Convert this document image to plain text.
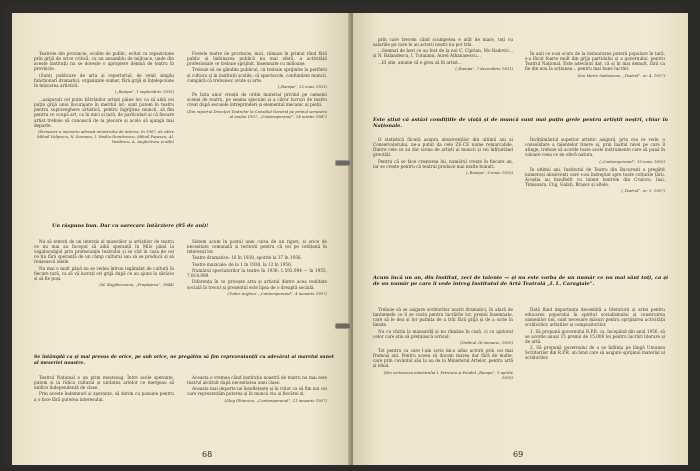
Teatrele din provincie, ocolite de public, evitat cu repeziciune prin grijă de orice critică, cu un ansamblu de mijloace, unde din aceste instituții nu se dorește o apropiere demnă de teatru în provincie.

(Sunt) publicare de arta și repertoriul, de venit simplu funcționari dramatici, organizate sumar, fără grijă și înțelepciune în mișcarea artistică.

(„Rampa”, 1 septembrie 1935)

...asigurați cel puțin bătrânilor artiști pâine lor, ca să aibă cei puțin grijă unui încurajare în meritul lor; sunt putem în teatru pentru supraveghere artistică, pentru îngrijirea muncii, să fim pentru ce ocupă art, ca în mici și țară, de particulari și că fiecare artist trebuie să cunoască de la plecare și acolo să ajungă mai departe.

(Scrisoare a memoriu adresat ministrului de interne, în 1907, de către Mihail Vulpescu, N. Soreanu, I. Vasiliu-Dumitrescu, Mihail Popescu, Al. Vasilescu, A. Anghelescu și alții)

Fostele teatre de provincie, mici, rămase în primul rând fără public și îmbinarea publică nu mai oferă, a activității profesionale ce trebuie sprijinit, însemnate cu milioane.

Trebuie să ne gândim publicul, că trebuie sprijinite la periferii și cultura și în instituții școlile, că spectacole, confundate muncii, cumpără că trebuiesc avute și arte.

(„Rampa”, 12 iunie 1931)

Pe lista unor creații de ordin material privind pe oamenii scenei de teatru, pe seama speculei și a căror lucruri de teatru creat după secuiele întreprinderi și elementul mecanic al pieții.

(Din raportul Direcției Teatrelor la Consiliul General pe primul semestru al anului 1937, „Contemporanul”, 14 martie 1947)
Un răspuns bun. Dar cu oarecare întârziere (95 de ani)!

Nu să tenteți de un interzis al mizeriilor și artiștilor de teatru ce nu mai au început să aibă speranță în Milo până la vagabondajul prin profesiunile teatrului și se văd în casa de cel ce țin fără speranță de un câmp cultural sau să se producă și să reușească ideile.

Nu mai e mult până nu se vedea întrun legământ de cultură în fiecare țară, ca să vă lucrați ori grijă după ce au ajuns la sărăcie și să fie puși.

(M. Kogălniceanu, „Propășirea”, 1844)

Sistem acum în postul unei cuiva de un rigori, și orice de necesitate comunală și teritorii pentru că cei pe cetățenii în interesul lor.

Teatre dramatice: 16 în 1938, sporite la 37 în 1956.

Teatre muzicale: de la 1 în 1938, la 12 în 1956.

Numărul spectatorilor la teatre în 1938: 1.592.904 — în 1955, 7.814.089.

Diferența în ce privește arta și artistul dintre acea realitate socială în trecut și prezentul este lipsa de o dreaptă socială.

(Tudor Arghezi, „Contemporanul”, 4 ianuarie 1957)
Se întâmplă ca și mai presus de orice, pe sub orice, ne pregătim să fim reprezentanții cu adevărat ai marelui sunet al meseriei noastre.

Teatrul Național e un prim meșteșug. Între acele speranțe, putem și la ridica cultural și unitatea artelor ce mergeau să unifice independență de clase.

Prin aceste îndemnuri și speranțe, să dorim cu pasiune pentru a o face fără puterea interesului.

Aceasta e vremea când instituția noastră de teatru nu mai este teatrul alcătuit după necesitatea unei clase.

Aceasta mai departe ne însuflețește și în viitor ca să fim noi cei care reprezentăm puterea și în muncă viu ai fiecărei zi.

(Oleg Ghinescu, „Contemporanul”, 11 ianuarie 1957)
68

prin care trecem când scumpetea e atât de mare, toți cu salariile pe care le au actorii noștri nu pot trăi.

...Semnat de heri ce au fost de la noi C. Ciprian, Mo Radovic... și N. Balandescu, I. Tutuianu, Aurel Athanasescu...

...El știe, anume că e greu să fii artist...

(„Rampa”, 7 decembrie 1931)

În anii ce s-au scurs de la instaurarea puterii populare în țară, s-a făcut foarte mult din grija partidului și a guvernului, pentru Teatrul Național. Este adevărat dar, că și în mai demult, fără ca fie din nou la acțiunea... pentru mai bune lucrări.

(Ion Marin Sadoveanu, „Teatrul”, nr. 4, 1957)
Este știut că astăzi condițiile de viață și de muncă sunt mai puțin grele pentru artiștii noștri, chiar în Naționale.

O statistică făcută asupra absolvenților din ultimii ani ai Conservatorului, ne-a putut da cele ZE-CE nume remarcabile. Dintre cele ce au dat scena de artiști ai muncii și cei înfruntând greutăți.

Pentru că se face creșterea lui, numărul crește în fiecare an, iar se crește pentru că teatrul produce mai multe bunuri.

(„Rampa”, 6 iunie 1935)

Învățământul superior artistic asigură, prin cea ce vede, o consolidare a talentelor tinere și, prin înaltul nivel pe care îl atinge, trebuie să acorde toate acele instrumente care să pună în valoare ceea ce ne oferă natura.

(„Contemporanul”, 10 iunie 1955)

În ultimii ani, Institutul de Teatru din București a pregătit numeroși absolvenți care s-au îndreptat spre toate colțurile țării. Aceștia au însuflețit cu talent teatrele din Craiova, Iași, Timișoara, Cluj, Galați, Brașov și altele.

(„Teatrul”, nr. 5, 1957)
Acum încă un an, din Institut, zeci de talente — și nu este vorba de un număr ce nu mai sânt toți, ca și de un număr pe care îi vede întreg Institutul de Artă Teatrală „I. L. Caragiale”.

Trebuie să se asigure scriitorilor noștri dramatici, în afară de tantiemele ce li se cuvin pentru lucrările lor, premii însemnate, care să le dea și lor putința de a trăi fără grijă și de a scrie în liniște.

Nu cu chiria la mansardă și nu rămâne în casă, ci cu ajutorul celor care știu să prețuiască scrisul.

(Ordinul 26 ianuarie, 1935)

Tot pentru ca care l-am scris mi-a adus actorii prin cei mai frumoși ani. Pentru aceea să ducem marea dar fără de multe, care prin cuvântul său la au de la Ministerul Artelor, pentru artă și ideal.

(Din scrisoarea ministrului I. Petrescu și Fondul „Rampa”, 5 aprilie 1935)

Dată fiind importanța deosebită a literaturii și artei pentru educarea poporului în spiritul socialismului și construirea oamenilor noi, sunt necesare măsuri pentru sprijinirea activității scriitorilor, artiștilor și compozitorilor.

1. Să propună guvernului R.P.R. ca, începând din anul 1956, să se acorde anual 15 premii de 15.000 lei pentru lucrări literare și de artă.

2. Să propună guvernului de a se înființa pe lângă Uniunea Scriitorilor din R.P.R. un fond care să asigure sprijinul material al scriitorilor.

69
